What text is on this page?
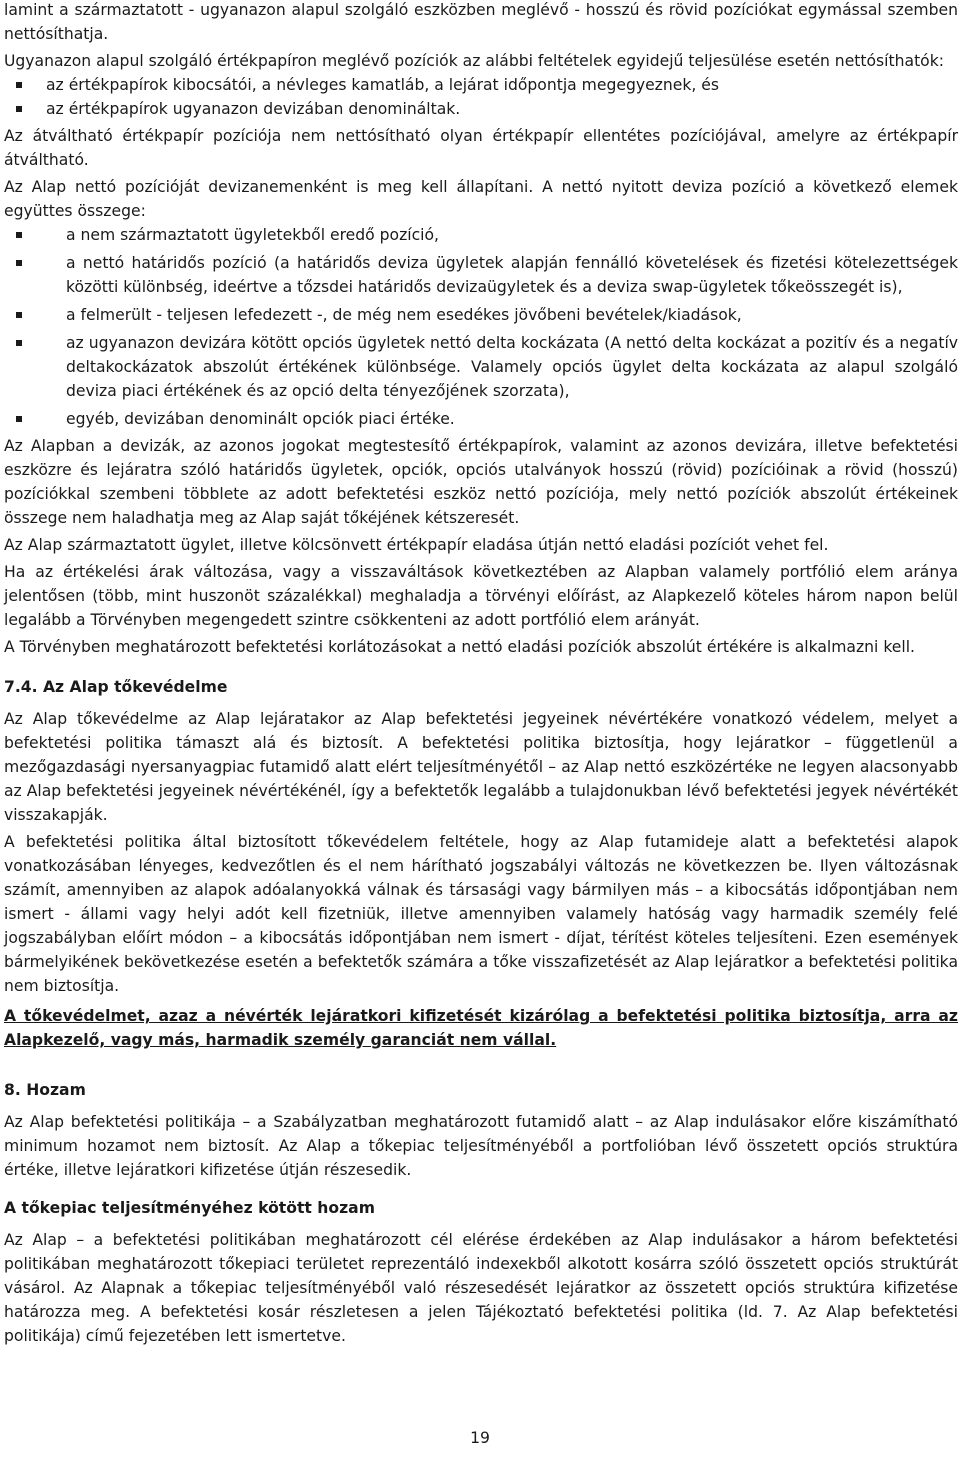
lamint a származtatott - ugyanazon alapul szolgáló eszközben meglévő - hosszú és rövid pozíciókat egymással szemben nettósíthatja.

Ugyanazon alapul szolgáló értékpapíron meglévő pozíciók az alábbi feltételek egyidejű teljesülése esetén nettósíthatók:

az értékpapírok kibocsátói, a névleges kamatláb, a lejárat időpontja megegyeznek, és
az értékpapírok ugyanazon devizában denomináltak.

Az átváltható értékpapír pozíciója nem nettósítható olyan értékpapír ellentétes pozíciójával, amelyre az értékpapír átváltható.

Az Alap nettó pozícióját devizanemenként is meg kell állapítani. A nettó nyitott deviza pozíció a következő elemek együttes összege:

a nem származtatott ügyletekből eredő pozíció,
a nettó határidős pozíció (a határidős deviza ügyletek alapján fennálló követelések és fizetési kötelezettségek közötti különbség, ideértve a tőzsdei határidős devizaügyletek és a deviza swap-ügyletek tőkeösszegét is),
a felmerült - teljesen lefedezett -, de még nem esedékes jövőbeni bevételek/kiadások,
az ugyanazon devizára kötött opciós ügyletek nettó delta kockázata (A nettó delta kockázat a pozitív és a negatív deltakockázatok abszolút értékének különbsége. Valamely opciós ügylet delta kockázata az alapul szolgáló deviza piaci értékének és az opció delta tényezőjének szorzata),
egyéb, devizában denominált opciók piaci értéke.

Az Alapban a devizák, az azonos jogokat megtestesítő értékpapírok, valamint az azonos devizára, illetve befektetési eszközre és lejáratra szóló határidős ügyletek, opciók, opciós utalványok hosszú (rövid) pozícióinak a rövid (hosszú) pozíciókkal szembeni többlete az adott befektetési eszköz nettó pozíciója, mely nettó pozíciók abszolút értékeinek összege nem haladhatja meg az Alap saját tőkéjének kétszeresét.

Az Alap származtatott ügylet, illetve kölcsönvett értékpapír eladása útján nettó eladási pozíciót vehet fel.

Ha az értékelési árak változása, vagy a visszaváltások következtében az Alapban valamely portfólió elem aránya jelentősen (több, mint huszonöt százalékkal) meghaladja a törvényi előírást, az Alapkezelő köteles három napon belül legalább a Törvényben megengedett szintre csökkenteni az adott portfólió elem arányát.

A Törvényben meghatározott befektetési korlátozásokat a nettó eladási pozíciók abszolút értékére is alkalmazni kell.

7.4. Az Alap tőkevédelme

Az Alap tőkevédelme az Alap lejáratakor az Alap befektetési jegyeinek névértékére vonatkozó védelem, melyet a befektetési politika támaszt alá és biztosít. A befektetési politika biztosítja, hogy lejáratkor – függetlenül a mezőgazdasági nyersanyagpiac futamidő alatt elért teljesítményétől – az Alap nettó eszközértéke ne legyen alacsonyabb az Alap befektetési jegyeinek névértékénél, így a befektetők legalább a tulajdonukban lévő befektetési jegyek névértékét visszakapják.

A befektetési politika által biztosított tőkevédelem feltétele, hogy az Alap futamideje alatt a befektetési alapok vonatkozásában lényeges, kedvezőtlen és el nem hárítható jogszabályi változás ne következzen be. Ilyen változásnak számít, amennyiben az alapok adóalanyokká válnak és társasági vagy bármilyen más – a kibocsátás időpontjában nem ismert - állami vagy helyi adót kell fizetniük, illetve amennyiben valamely hatóság vagy harmadik személy felé jogszabályban előírt módon – a kibocsátás időpontjában nem ismert - díjat, térítést köteles teljesíteni. Ezen események bármelyikének bekövetkezése esetén a befektetők számára a tőke visszafizetését az Alap lejáratkor a befektetési politika nem biztosítja.

A tőkevédelmet, azaz a névérték lejáratkori kifizetését kizárólag a befektetési politika biztosítja, arra az Alapkezelő, vagy más, harmadik személy garanciát nem vállal.

8. Hozam

Az Alap befektetési politikája – a Szabályzatban meghatározott futamidő alatt – az Alap indulásakor előre kiszámítható minimum hozamot nem biztosít. Az Alap a tőkepiac teljesítményéből a portfolióban lévő összetett opciós struktúra értéke, illetve lejáratkori kifizetése útján részesedik.

A tőkepiac teljesítményéhez kötött hozam

Az Alap – a befektetési politikában meghatározott cél elérése érdekében az Alap indulásakor a három befektetési politikában meghatározott tőkepiaci területet reprezentáló indexekből alkotott kosárra szóló összetett opciós struktúrát vásárol. Az Alapnak a tőkepiac teljesítményéből való részesedését lejáratkor az összetett opciós struktúra kifizetése határozza meg. A befektetési kosár részletesen a jelen Tájékoztató befektetési politika (ld. 7. Az Alap befektetési politikája) című fejezetében lett ismertetve.

19
